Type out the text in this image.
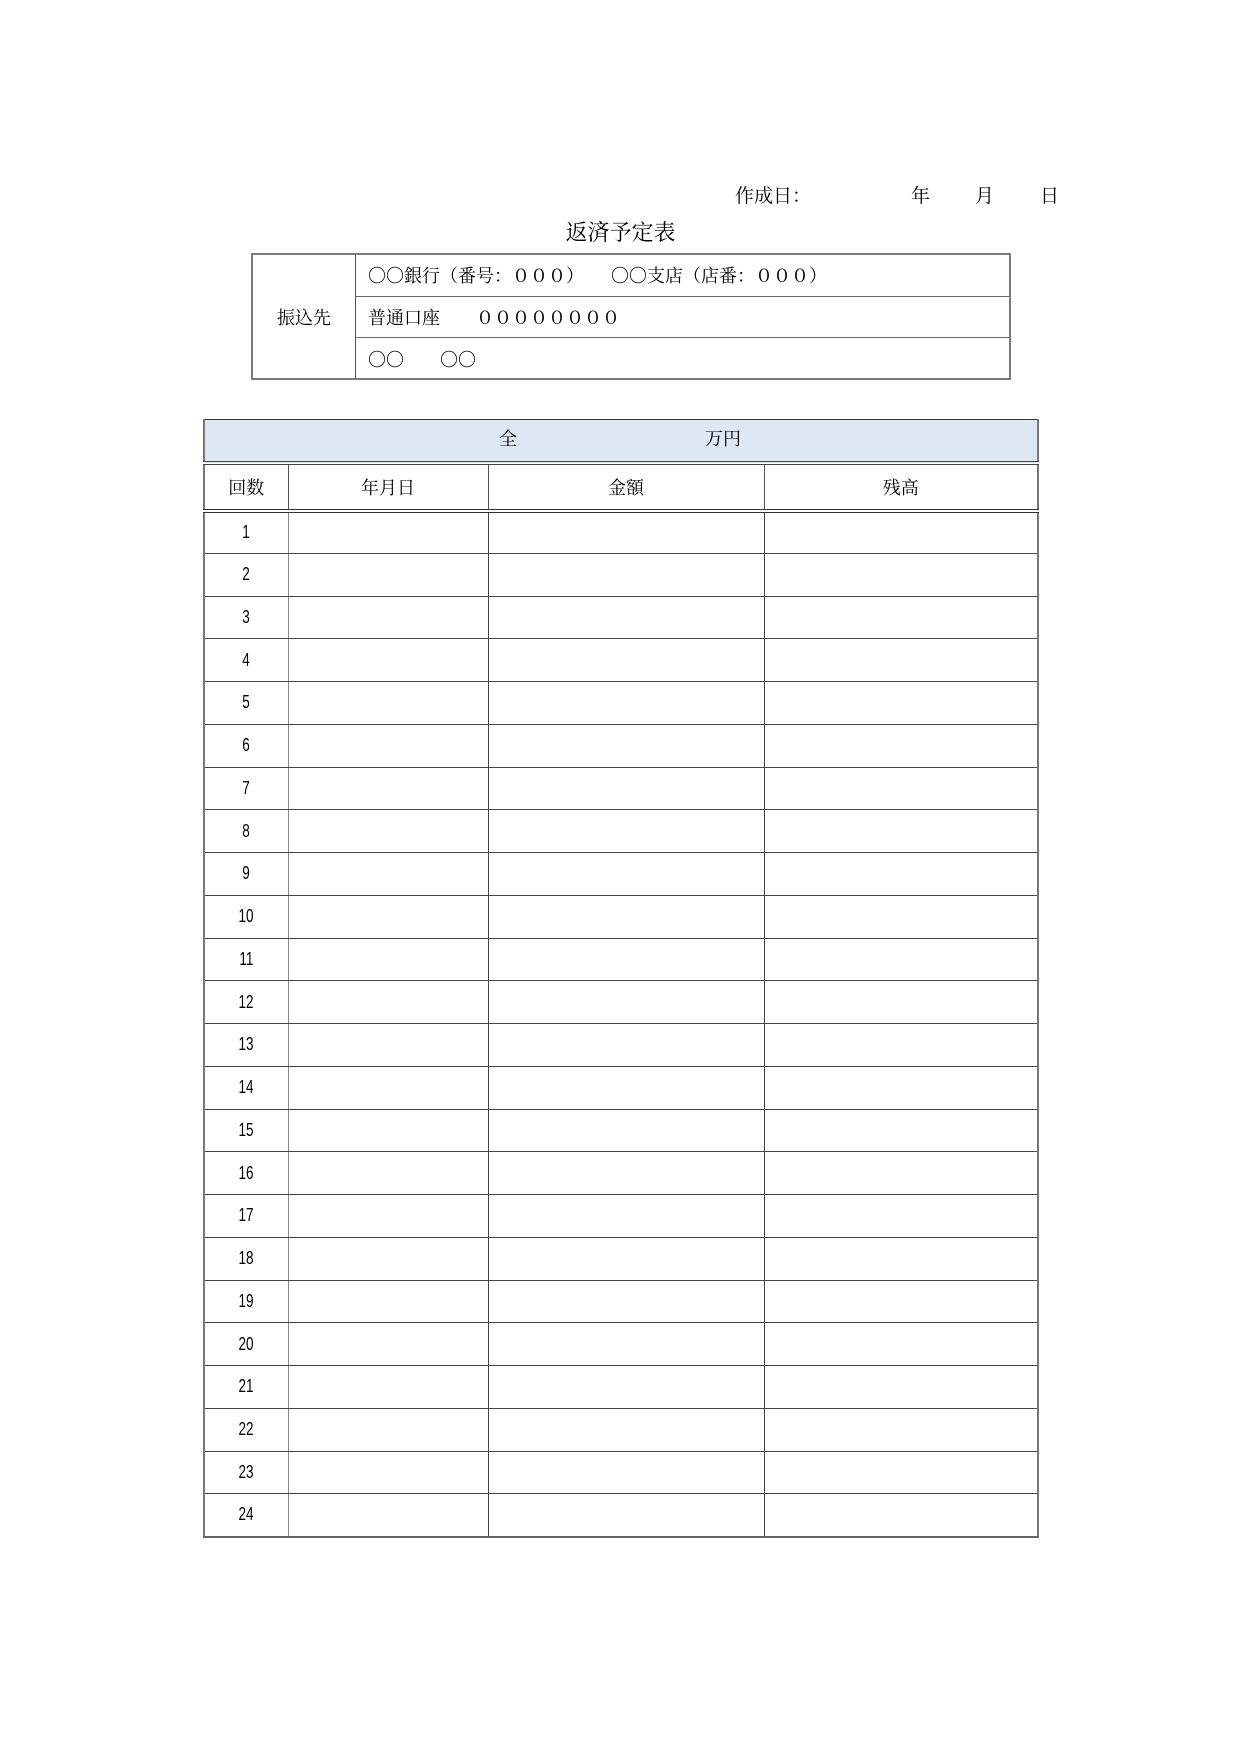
作成日：	年 月 日
返済予定表
振込先
〇〇銀行（番号：０００）　　〇〇支店（店番：０００）
普通口座　　００００００００
〇〇　　〇〇
全 万円			

回数	年月日	金額	残高
1			
2			
3			
4			
5			
6			
7			
8			
9			
10			
11			
12			
13			
14			
15			
16			
17			
18			
19			
20			
21			
22			
23			
24			
